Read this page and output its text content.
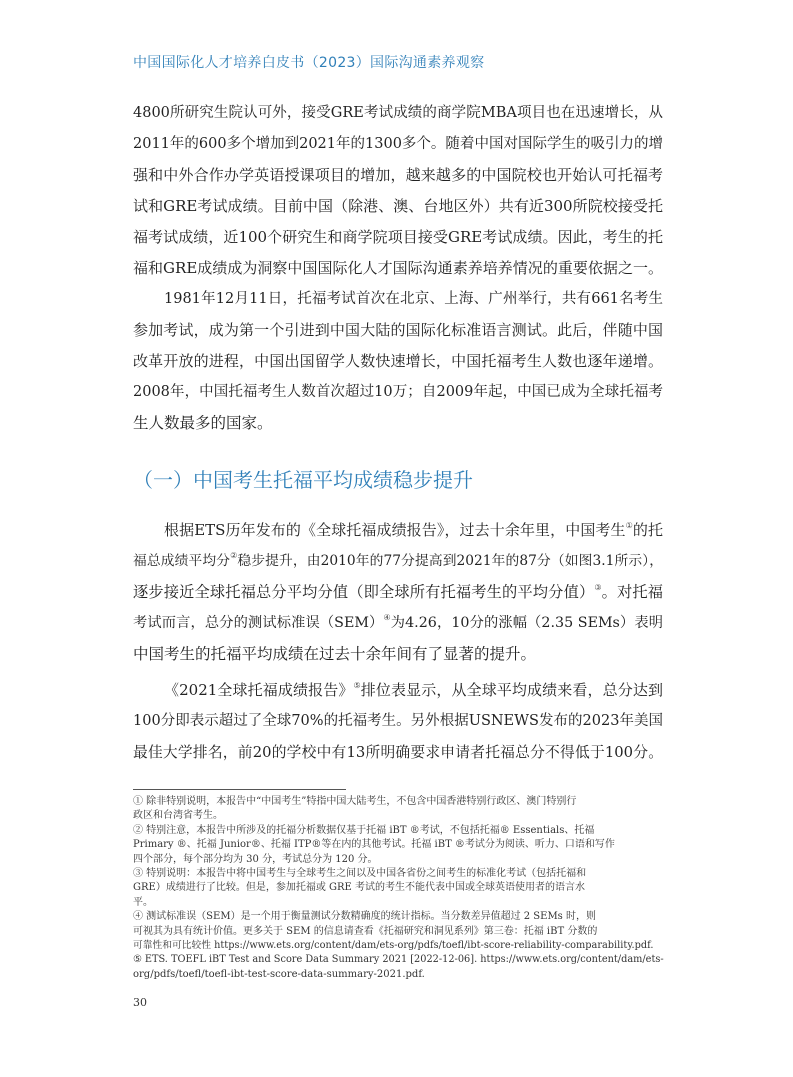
中国国际化人才培养白皮书（2023）国际沟通素养观察
4800所研究生院认可外，接受GRE考试成绩的商学院MBA项目也在迅速增长，从
2011年的600多个增加到2021年的1300多个。随着中国对国际学生的吸引力的增
强和中外合作办学英语授课项目的增加，越来越多的中国院校也开始认可托福考
试和GRE考试成绩。目前中国（除港、澳、台地区外）共有近300所院校接受托
福考试成绩，近100个研究生和商学院项目接受GRE考试成绩。因此，考生的托
福和GRE成绩成为洞察中国国际化人才国际沟通素养培养情况的重要依据之一。
1981年12月11日，托福考试首次在北京、上海、广州举行，共有661名考生
参加考试，成为第一个引进到中国大陆的国际化标准语言测试。此后，伴随中国
改革开放的进程，中国出国留学人数快速增长，中国托福考生人数也逐年递增。
2008年，中国托福考生人数首次超过10万；自2009年起，中国已成为全球托福考
生人数最多的国家。
（一）中国考生托福平均成绩稳步提升
根据ETS历年发布的《全球托福成绩报告》，过去十余年里，中国考生①的托
福总成绩平均分②稳步提升，由2010年的77分提高到2021年的87分（如图3.1所示），
逐步接近全球托福总分平均分值（即全球所有托福考生的平均分值）③。对托福
考试而言，总分的测试标准误（SEM）④为4.26，10分的涨幅（2.35 SEMs）表明
中国考生的托福平均成绩在过去十余年间有了显著的提升。
《2021全球托福成绩报告》⑤排位表显示，从全球平均成绩来看，总分达到
100分即表示超过了全球70%的托福考生。另外根据USNEWS发布的2023年美国
最佳大学排名，前20的学校中有13所明确要求申请者托福总分不得低于100分。
① 除非特别说明，本报告中“中国考生”特指中国大陆考生，不包含中国香港特别行政区、澳门特别行
政区和台湾省考生。
② 特别注意，本报告中所涉及的托福分析数据仅基于托福 iBT ®考试，不包括托福® Essentials、托福
Primary ®、托福 Junior®、托福 ITP®等在内的其他考试。托福 iBT ®考试分为阅读、听力、口语和写作
四个部分，每个部分均为 30 分，考试总分为 120 分。
③ 特别说明：本报告中将中国考生与全球考生之间以及中国各省份之间考生的标准化考试（包括托福和
GRE）成绩进行了比较。但是，参加托福或 GRE 考试的考生不能代表中国或全球英语使用者的语言水
平。
④ 测试标准误（SEM）是一个用于衡量测试分数精确度的统计指标。当分数差异值超过 2 SEMs 时，则
可视其为具有统计价值。更多关于 SEM 的信息请查看《托福研究和洞见系列》第三卷：托福 iBT 分数的
可靠性和可比较性 https://www.ets.org/content/dam/ets-org/pdfs/toefl/ibt-score-reliability-comparability.pdf.
⑤ ETS. TOEFL iBT Test and Score Data Summary 2021 [2022-12-06]. https://www.ets.org/content/dam/ets-
org/pdfs/toefl/toefl-ibt-test-score-data-summary-2021.pdf.
30
